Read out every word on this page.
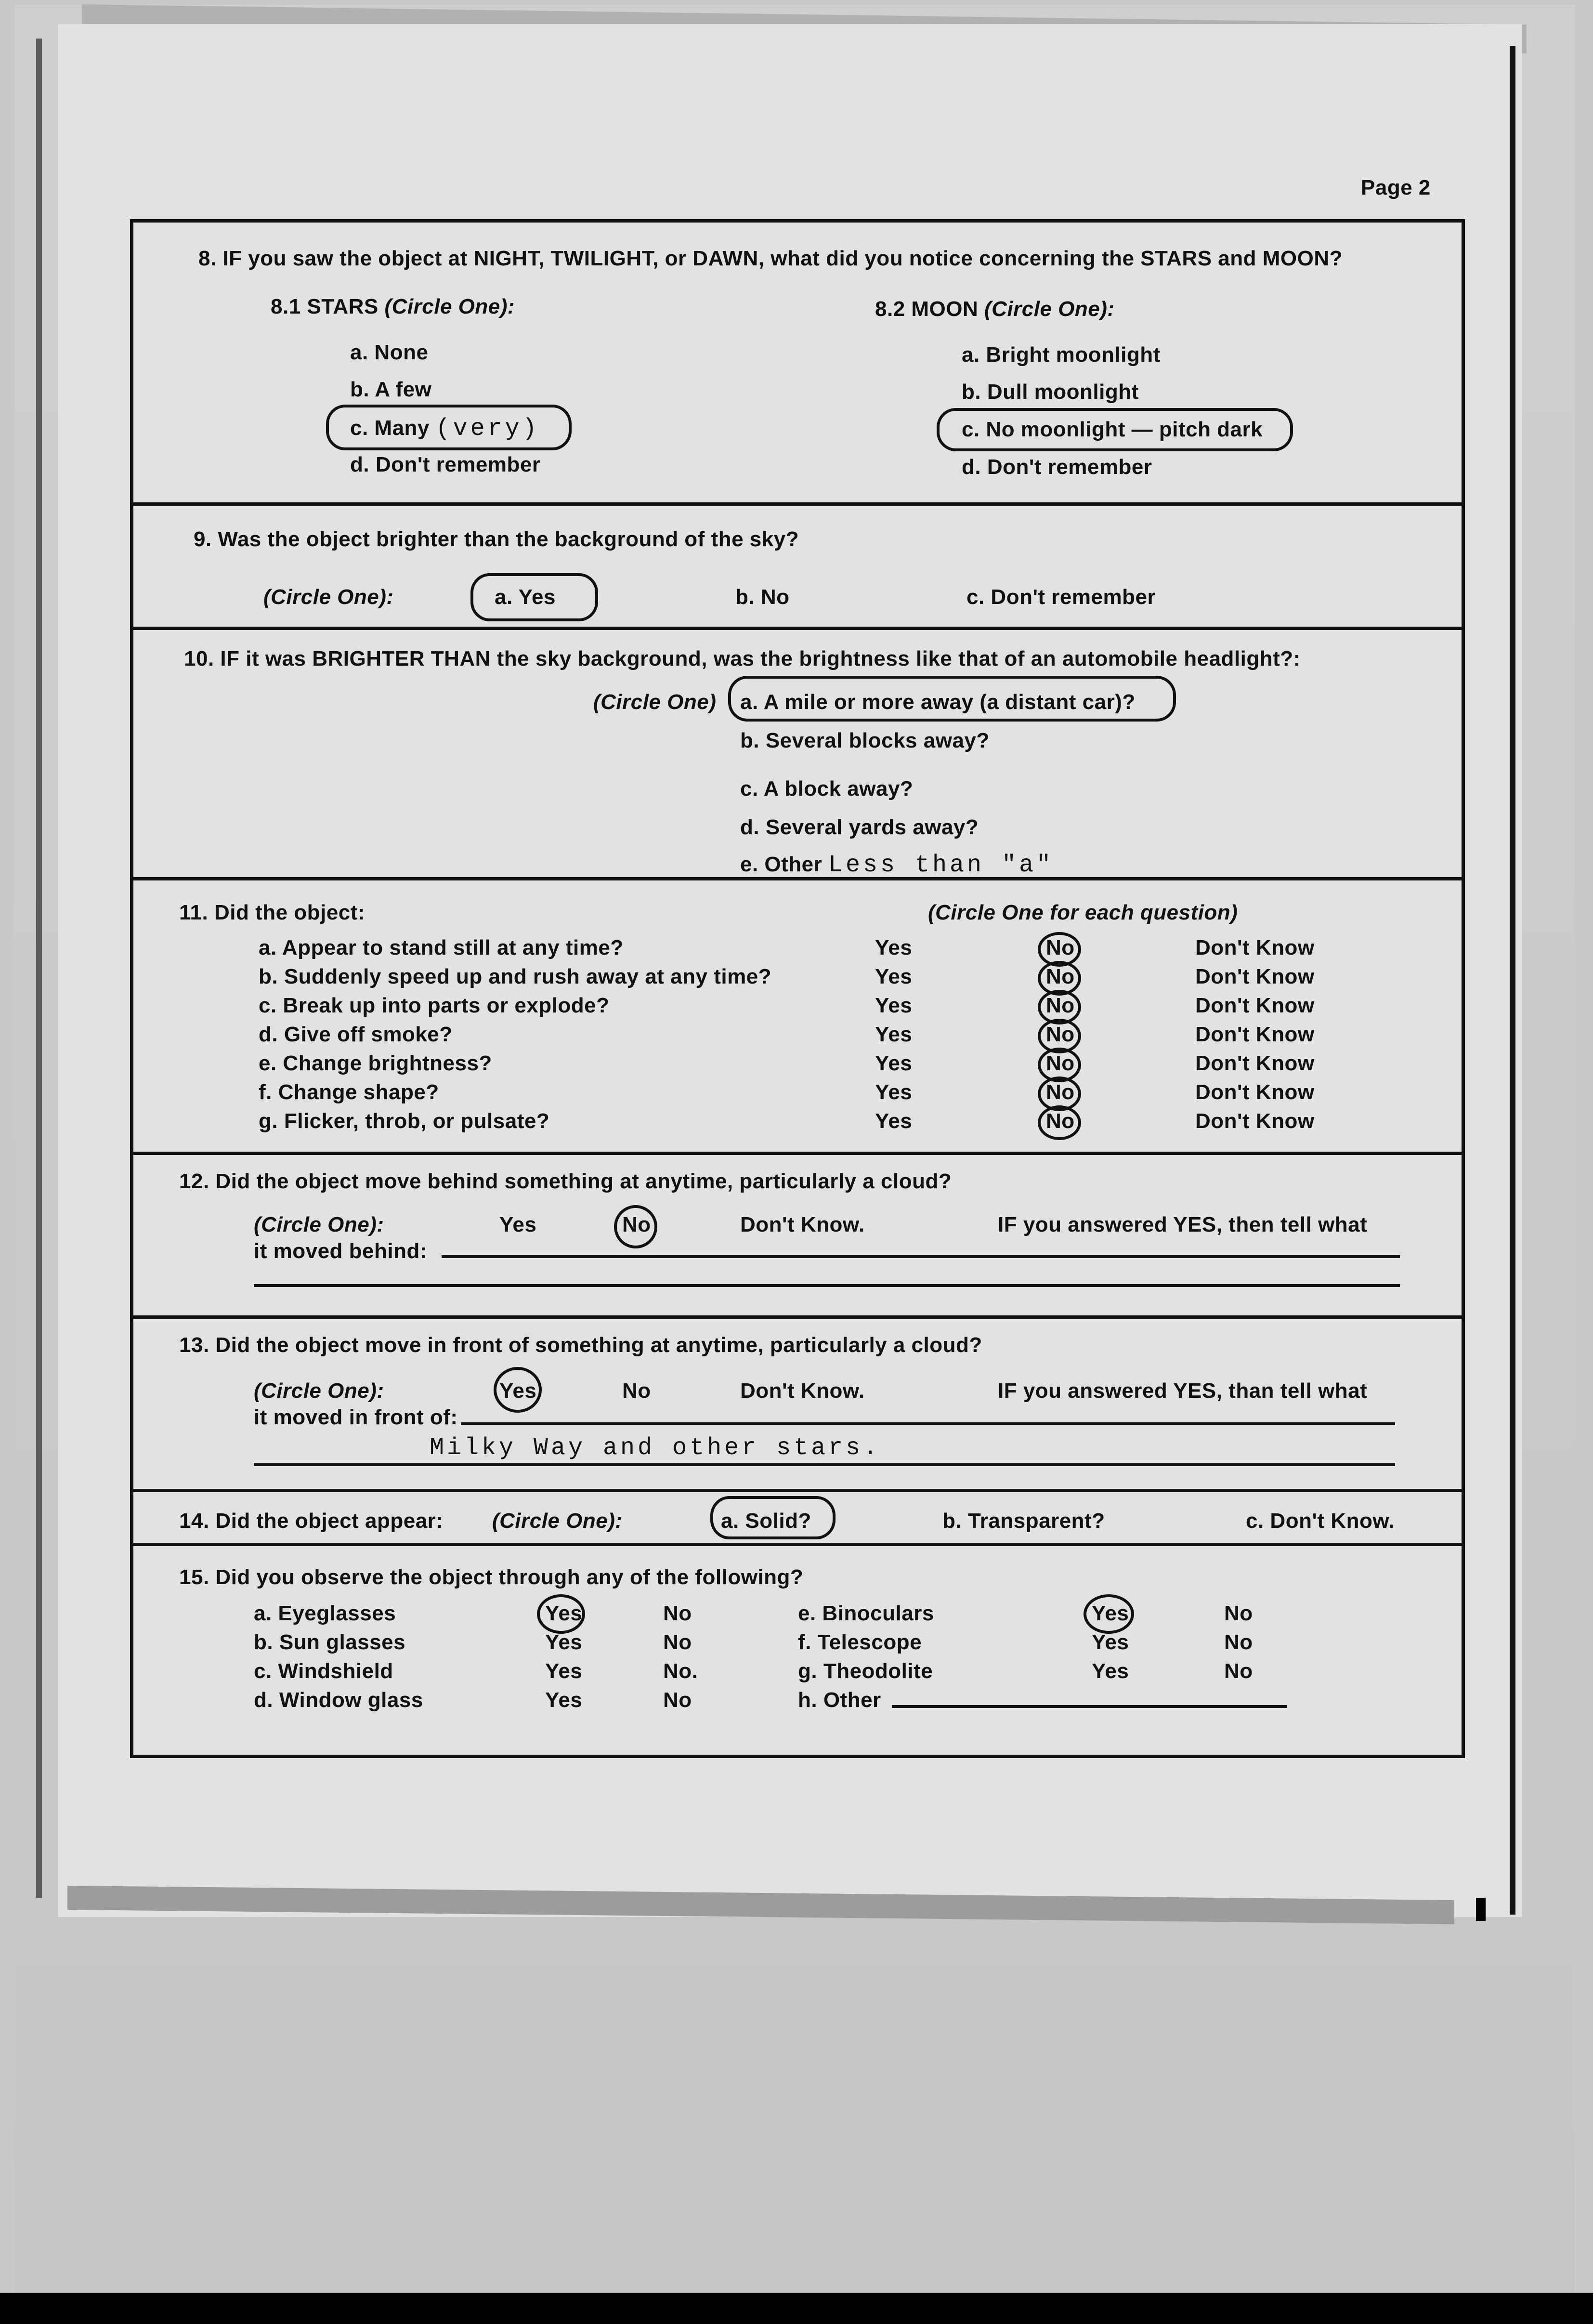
Page 2
8. IF you saw the object at NIGHT, TWILIGHT, or DAWN, what did you notice concerning the STARS and MOON?
8.1 STARS (Circle One):	8.2 MOON (Circle One):
a. None
b. A few
c. Many (very)
d. Don't remember
a. Bright moonlight
b. Dull moonlight
c. No moonlight — pitch dark
d. Don't remember
9. Was the object brighter than the background of the sky?
(Circle One):	a. Yes	b. No	c. Don't remember
10. IF it was BRIGHTER THAN the sky background, was the brightness like that of an automobile headlight?:
(Circle One) a. A mile or more away (a distant car)?
b. Several blocks away?
c. A block away?
d. Several yards away?
e. Other Less than "a"
11. Did the object:	(Circle One for each question)
a. Appear to stand still at any time?	Yes	No	Don't Know
b. Suddenly speed up and rush away at any time?	Yes	No	Don't Know
c. Break up into parts or explode?	Yes	No	Don't Know
d. Give off smoke?	Yes	No	Don't Know
e. Change brightness?	Yes	No	Don't Know
f. Change shape?	Yes	No	Don't Know
g. Flicker, throb, or pulsate?	Yes	No	Don't Know
12. Did the object move behind something at anytime, particularly a cloud?
(Circle One):	Yes	No	Don't Know.	IF you answered YES, then tell what
it moved behind:
13. Did the object move in front of something at anytime, particularly a cloud?
(Circle One):	Yes	No	Don't Know.	IF you answered YES, than tell what
it moved in front of:
Milky Way and other stars.
14. Did the object appear: (Circle One):	a. Solid?	b. Transparent?	c. Don't Know.
15. Did you observe the object through any of the following?
a. Eyeglasses	Yes	No
b. Sun glasses	Yes	No
c. Windshield	Yes	No.
d. Window glass	Yes	No
e. Binoculars	Yes	No
f. Telescope	Yes	No
g. Theodolite	Yes	No
h. Other
